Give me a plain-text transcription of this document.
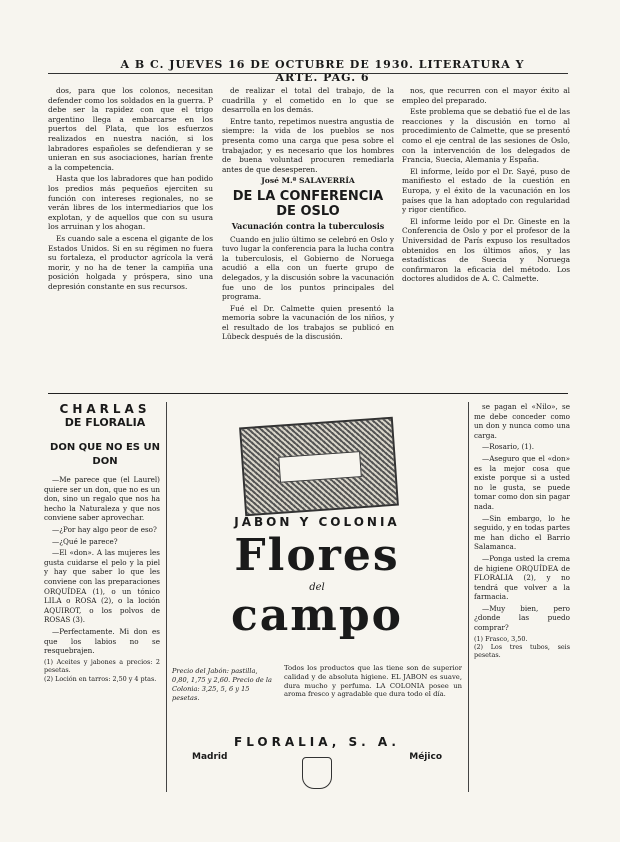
A B C. JUEVES 16 DE OCTUBRE DE 1930. LITERATURA Y ARTE. PAG. 6

dos, para que los colonos, necesitan defender como los soldados en la guerra. P debe ser la rapidez con que el trigo argentino llega a embarcarse en los puertos del Plata, que los esfuerzos realizados en nuestra nación, si los labradores españoles se defendieran y se unieran en sus asociaciones, harían frente a la competencia.

Hasta que los labradores que han podido los predios más pequeños ejerciten su función con intereses regionales, no se verán libres de los intermediarios que los explotan, y de aquellos que con su usura los arruinan y los ahogan.

Es cuando sale a escena el gigante de los Estados Unidos. Si en su régimen no fuera su fortaleza, el productor agrícola la verá morir, y no ha de tener la campiña una posición holgada y próspera, sino una depresión constante en sus recursos.

de realizar el total del trabajo, de la cuadrilla y el cometido en lo que se desarrolla en los demás.

Entre tanto, repetimos nuestra angustia de siempre: la vida de los pueblos se nos presenta como una carga que pesa sobre el trabajador, y es necesario que los hombres de buena voluntad procuren remediarla antes de que desesperen.

José M.ª SALAVERRÍA
DE LA CONFERENCIA DE OSLO
Vacunación contra la tuberculosis

Cuando en julio último se celebró en Oslo y tuvo lugar la conferencia para la lucha contra la tuberculosis, el Gobierno de Noruega acudió a ella con un fuerte grupo de delegados, y la discusión sobre la vacunación fue uno de los puntos principales del programa.

Fué el Dr. Calmette quien presentó la memoria sobre la vacunación de los niños, y el resultado de los trabajos se publicó en Lübeck después de la discusión.

nos, que recurren con el mayor éxito al empleo del preparado.

Este problema que se debatió fue el de las reacciones y la discusión en torno al procedimiento de Calmette, que se presentó como el eje central de las sesiones de Oslo, con la intervención de los delegados de Francia, Suecia, Alemania y España.

El informe, leído por el Dr. Sayé, puso de manifiesto el estado de la cuestión en Europa, y el éxito de la vacunación en los países que la han adoptado con regularidad y rigor científico.

El informe leído por el Dr. Gineste en la Conferencia de Oslo y por el profesor de la Universidad de París expuso los resultados obtenidos en los últimos años, y las estadísticas de Suecia y Noruega confirmaron la eficacia del método. Los doctores aludidos de A. C. Calmette.

CHARLAS
DE FLORALIA
DON QUE NO ES UN DON

—Me parece que (el Laurel) quiere ser un don, que no es un don, sino un regalo que nos ha hecho la Naturaleza y que nos conviene saber aprovechar.

—¿Por hay algo peor de eso?

—¿Qué le parece?

—El «don». A las mujeres les gusta cuidarse el pelo y la piel y hay que saber lo que les conviene con las preparaciones ORQUÍDEA (1), o un tónico LILA o ROSA (2), o la loción AQUIROT, o los polvos de ROSAS (3).

—Perfectamente. Mi don es que los labios no se resquebrajen.

(1) Aceites y jabones a precios: 2 pesetas.
(2) Loción en tarros: 2,50 y 4 ptas.
JABON Y COLONIA
Flores
del
campo
Precio del Jabón: pastilla, 0,80, 1,75 y 2,60. Precio de la Colonia: 3,25, 5, 6 y 15 pesetas.
Todos los productos que las tiene son de superior calidad y de absoluta higiene. EL JABON es suave, dura mucho y perfuma. LA COLONIA posee un aroma fresco y agradable que dura todo el día.
FLORALIA, S. A.
Madrid	Méjico

se pagan el «Nilo», se me debe conceder como un don y nunca como una carga.

—Rosario, (1).

—Aseguro que el «don» es la mejor cosa que existe porque si a usted no le gusta, se puede tomar como don sin pagar nada.

—Sin embargo, lo he seguido, y en todas partes me han dicho el Barrio Salamanca.

—Ponga usted la crema de higiene ORQUÍDEA de FLORALIA (2), y no tendrá que volver a la farmacia.

—Muy bien, pero ¿donde las puedo comprar?

(1) Frasco, 3,50.
(2) Los tres tubos, seis pesetas.
